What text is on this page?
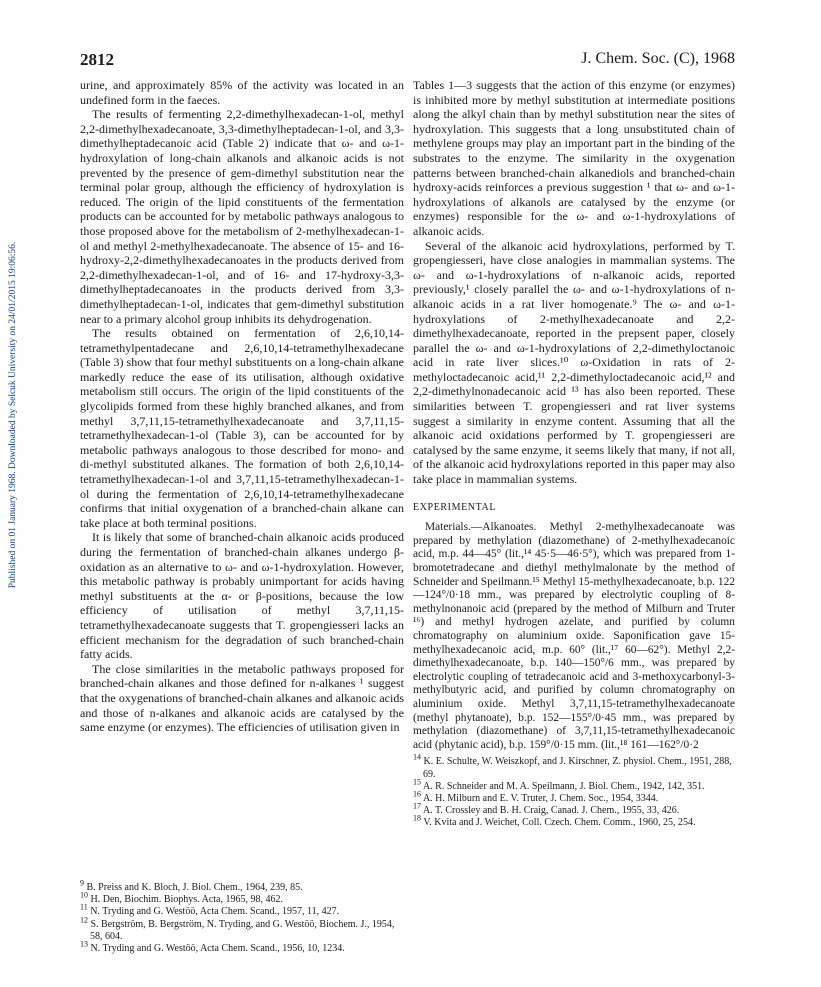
Published on 01 January 1968. Downloaded by Selcuk University on 24/01/2015 19:06:56.
2812	J. Chem. Soc. (C), 1968

urine, and approximately 85% of the activity was located in an undefined form in the faeces.

The results of fermenting 2,2-dimethylhexadecan-1-ol, methyl 2,2-dimethylhexadecanoate, 3,3-dimethylheptadecan-1-ol, and 3,3-dimethylheptadecanoic acid (Table 2) indicate that ω- and ω-1-hydroxylation of long-chain alkanols and alkanoic acids is not prevented by the presence of gem-dimethyl substitution near the terminal polar group, although the efficiency of hydroxylation is reduced. The origin of the lipid constituents of the fermentation products can be accounted for by metabolic pathways analogous to those proposed above for the metabolism of 2-methylhexadecan-1-ol and methyl 2-methylhexadecanoate. The absence of 15- and 16-hydroxy-2,2-dimethylhexadecanoates in the products derived from 2,2-dimethylhexadecan-1-ol, and of 16- and 17-hydroxy-3,3-dimethylheptadecanoates in the products derived from 3,3-dimethylheptadecan-1-ol, indicates that gem-dimethyl substitution near to a primary alcohol group inhibits its dehydrogenation.

The results obtained on fermentation of 2,6,10,14-tetramethylpentadecane and 2,6,10,14-tetramethylhexadecane (Table 3) show that four methyl substituents on a long-chain alkane markedly reduce the ease of its utilisation, although oxidative metabolism still occurs. The origin of the lipid constituents of the glycolipids formed from these highly branched alkanes, and from methyl 3,7,11,15-tetramethylhexadecanoate and 3,7,11,15-tetramethylhexadecan-1-ol (Table 3), can be accounted for by metabolic pathways analogous to those described for mono- and di-methyl substituted alkanes. The formation of both 2,6,10,14-tetramethylhexadecan-1-ol and 3,7,11,15-tetramethylhexadecan-1-ol during the fermentation of 2,6,10,14-tetramethylhexadecane confirms that initial oxygenation of a branched-chain alkane can take place at both terminal positions.

It is likely that some of branched-chain alkanoic acids produced during the fermentation of branched-chain alkanes undergo β-oxidation as an alternative to ω- and ω-1-hydroxylation. However, this metabolic pathway is probably unimportant for acids having methyl substituents at the α- or β-positions, because the low efficiency of utilisation of methyl 3,7,11,15-tetramethylhexadecanoate suggests that T. gropengiesseri lacks an efficient mechanism for the degradation of such branched-chain fatty acids.

The close similarities in the metabolic pathways proposed for branched-chain alkanes and those defined for n-alkanes ¹ suggest that the oxygenations of branched-chain alkanes and alkanoic acids and those of n-alkanes and alkanoic acids are catalysed by the same enzyme (or enzymes). The efficiencies of utilisation given in

$^9$ B. Preiss and K. Bloch, J. Biol. Chem., 1964, 239, 85.

$^{10}$ H. Den, Biochim. Biophys. Acta, 1965, 98, 462.

$^{11}$ N. Tryding and G. Westöö, Acta Chem. Scand., 1957, 11, 427.

$^{12}$ S. Bergström, B. Bergström, N. Tryding, and G. Westöö, Biochem. J., 1954, 58, 604.

$^{13}$ N. Tryding and G. Westöö, Acta Chem. Scand., 1956, 10, 1234.

Tables 1—3 suggests that the action of this enzyme (or enzymes) is inhibited more by methyl substitution at intermediate positions along the alkyl chain than by methyl substitution near the sites of hydroxylation. This suggests that a long unsubstituted chain of methylene groups may play an important part in the binding of the substrates to the enzyme. The similarity in the oxygenation patterns between branched-chain alkanediols and branched-chain hydroxy-acids reinforces a previous suggestion ¹ that ω- and ω-1-hydroxylations of alkanols are catalysed by the enzyme (or enzymes) responsible for the ω- and ω-1-hydroxylations of alkanoic acids.

Several of the alkanoic acid hydroxylations, performed by T. gropengiesseri, have close analogies in mammalian systems. The ω- and ω-1-hydroxylations of n-alkanoic acids, reported previously,¹ closely parallel the ω- and ω-1-hydroxylations of n-alkanoic acids in a rat liver homogenate.⁹ The ω- and ω-1-hydroxylations of 2-methylhexadecanoate and 2,2-dimethylhexadecanoate, reported in the prepsent paper, closely parallel the ω- and ω-1-hydroxylations of 2,2-dimethyloctanoic acid in rate liver slices.¹⁰ ω-Oxidation in rats of 2-methyloctadecanoic acid,¹¹ 2,2-dimethyloctadecanoic acid,¹² and 2,2-dimethylnonadecanoic acid ¹³ has also been reported. These similarities between T. gropengiesseri and rat liver systems suggest a similarity in enzyme content. Assuming that all the alkanoic acid oxidations performed by T. gropengiesseri are catalysed by the same enzyme, it seems likely that many, if not all, of the alkanoic acid hydroxylations reported in this paper may also take place in mammalian systems.

EXPERIMENTAL

Materials.—Alkanoates. Methyl 2-methylhexadecanoate was prepared by methylation (diazomethane) of 2-methylhexadecanoic acid, m.p. 44—45° (lit.,¹⁴ 45·5—46·5°), which was prepared from 1-bromotetradecane and diethyl methylmalonate by the method of Schneider and Speilmann.¹⁵ Methyl 15-methylhexadecanoate, b.p. 122—124°/0·18 mm., was prepared by electrolytic coupling of 8-methylnonanoic acid (prepared by the method of Milburn and Truter ¹⁶) and methyl hydrogen azelate, and purified by column chromatography on aluminium oxide. Saponification gave 15-methylhexadecanoic acid, m.p. 60° (lit.,¹⁷ 60—62°). Methyl 2,2-dimethylhexadecanoate, b.p. 140—150°/6 mm., was prepared by electrolytic coupling of tetradecanoic acid and 3-methoxycarbonyl-3-methylbutyric acid, and purified by column chromatography on aluminium oxide. Methyl 3,7,11,15-tetramethylhexadecanoate (methyl phytanoate), b.p. 152—155°/0·45 mm., was prepared by methylation (diazomethane) of 3,7,11,15-tetramethylhexadecanoic acid (phytanic acid), b.p. 159°/0·15 mm. (lit.,¹⁸ 161—162°/0·2

$^{14}$ K. E. Schulte, W. Weiszkopf, and J. Kirschner, Z. physiol. Chem., 1951, 288, 69.

$^{15}$ A. R. Schneider and M. A. Speilmann, J. Biol. Chem., 1942, 142, 351.

$^{16}$ A. H. Milburn and E. V. Truter, J. Chem. Soc., 1954, 3344.

$^{17}$ A. T. Crossley and B. H. Craig, Canad. J. Chem., 1955, 33, 426.

$^{18}$ V. Kvita and J. Weichet, Coll. Czech. Chem. Comm., 1960, 25, 254.
